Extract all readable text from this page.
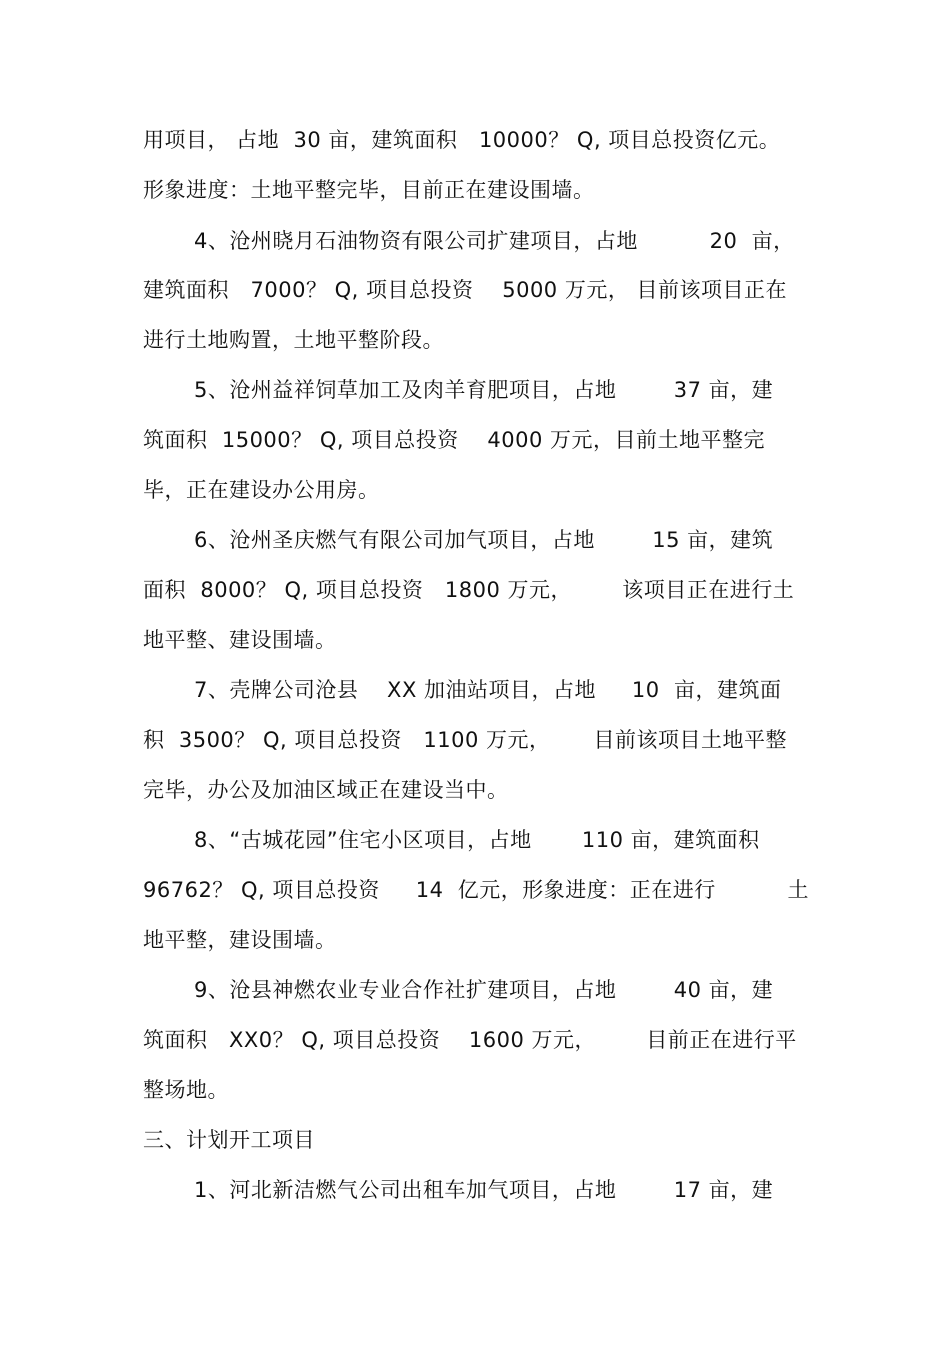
用项目， 占地  30 亩，建筑面积   10000？ Q, 项目总投资亿元。
形象进度：土地平整完毕，目前正在建设围墙。
4、沧州晓月石油物资有限公司扩建项目，占地          20  亩，
建筑面积   7000？ Q, 项目总投资    5000 万元， 目前该项目正在
进行土地购置，土地平整阶段。
5、沧州益祥饲草加工及肉羊育肥项目，占地        37 亩，建
筑面积  15000？ Q, 项目总投资    4000 万元，目前土地平整完
毕，正在建设办公用房。
6、沧州圣庆燃气有限公司加气项目，占地        15 亩，建筑
面积  8000？ Q, 项目总投资   1800 万元，       该项目正在进行土
地平整、建设围墙。
7、壳牌公司沧县    XX 加油站项目，占地     10  亩，建筑面
积  3500？ Q, 项目总投资   1100 万元，      目前该项目土地平整
完毕，办公及加油区域正在建设当中。
8、“古城花园”住宅小区项目，占地       110 亩，建筑面积
96762？ Q, 项目总投资     14  亿元，形象进度：正在进行          土
地平整，建设围墙。
9、沧县神燃农业专业合作社扩建项目，占地        40 亩，建
筑面积   XX0？ Q, 项目总投资    1600 万元，       目前正在进行平
整场地。
三、计划开工项目
1、河北新洁燃气公司出租车加气项目，占地        17 亩，建
